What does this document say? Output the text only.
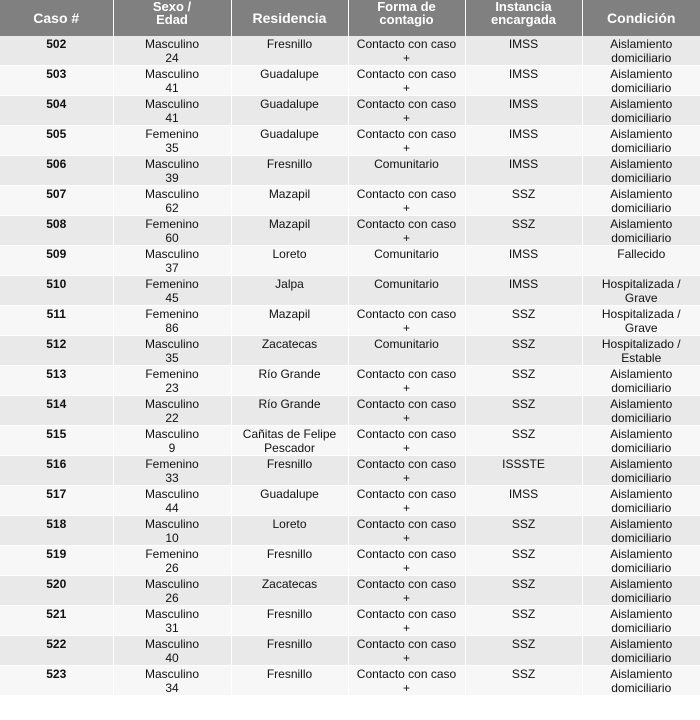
Caso #	Sexo /
Edad	Residencia	Forma de
contagio	Instancia
encargada	Condición
502	Masculino
24	Fresnillo	Contacto con caso
+	IMSS	Aislamiento
domiciliario

503	Masculino
41	Guadalupe	Contacto con caso
+	IMSS	Aislamiento
domiciliario

504	Masculino
41	Guadalupe	Contacto con caso
+	IMSS	Aislamiento
domiciliario

505	Femenino
35	Guadalupe	Contacto con caso
+	IMSS	Aislamiento
domiciliario

506	Masculino
39	Fresnillo	Comunitario	IMSS	Aislamiento
domiciliario

507	Masculino
62	Mazapil	Contacto con caso
+	SSZ	Aislamiento
domiciliario

508	Femenino
60	Mazapil	Contacto con caso
+	SSZ	Aislamiento
domiciliario

509	Masculino
37	Loreto	Comunitario	IMSS	Fallecido

510	Femenino
45	Jalpa	Comunitario	IMSS	Hospitalizada /
Grave

511	Femenino
86	Mazapil	Contacto con caso
+	SSZ	Hospitalizada /
Grave

512	Masculino
35	Zacatecas	Comunitario	SSZ	Hospitalizado /
Estable

513	Femenino
23	Río Grande	Contacto con caso
+	SSZ	Aislamiento
domiciliario

514	Masculino
22	Río Grande	Contacto con caso
+	SSZ	Aislamiento
domiciliario

515	Masculino
9	Cañitas de Felipe
Pescador	Contacto con caso
+	SSZ	Aislamiento
domiciliario

516	Femenino
33	Fresnillo	Contacto con caso
+	ISSSTE	Aislamiento
domiciliario

517	Masculino
44	Guadalupe	Contacto con caso
+	IMSS	Aislamiento
domiciliario

518	Masculino
10	Loreto	Contacto con caso
+	SSZ	Aislamiento
domiciliario

519	Femenino
26	Fresnillo	Contacto con caso
+	SSZ	Aislamiento
domiciliario

520	Masculino
26	Zacatecas	Contacto con caso
+	SSZ	Aislamiento
domiciliario

521	Masculino
31	Fresnillo	Contacto con caso
+	SSZ	Aislamiento
domiciliario

522	Masculino
40	Fresnillo	Contacto con caso
+	SSZ	Aislamiento
domiciliario

523	Masculino
34	Fresnillo	Contacto con caso
+	SSZ	Aislamiento
domiciliario
